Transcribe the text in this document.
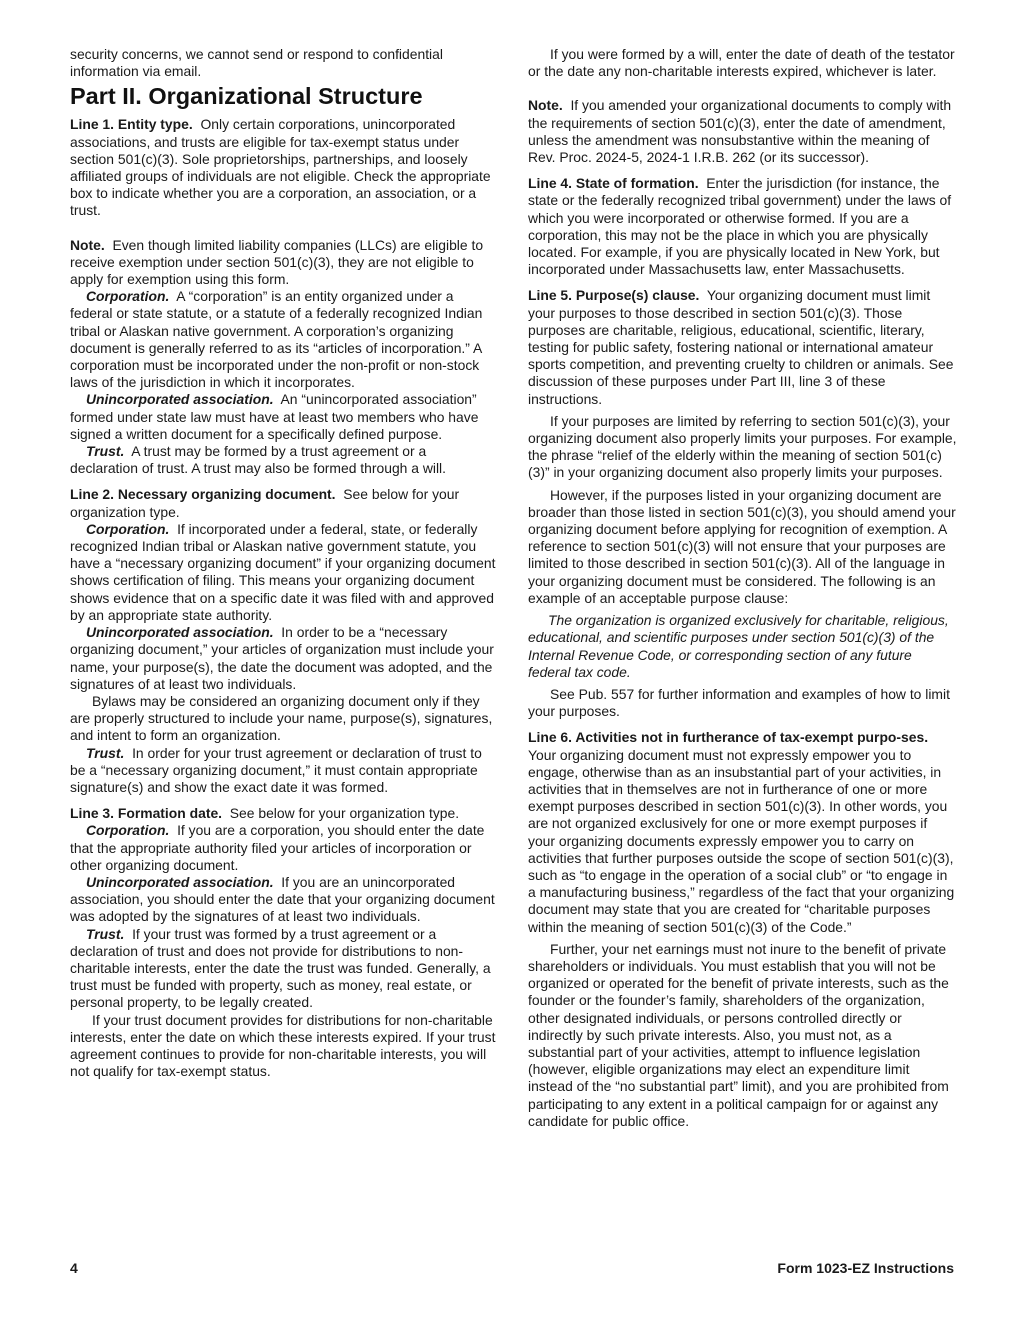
security concerns, we cannot send or respond to confidential information via email.

Part II. Organizational Structure

Line 1. Entity type. Only certain corporations, unincorporated associations, and trusts are eligible for tax-exempt status under section 501(c)(3). Sole proprietorships, partnerships, and loosely affiliated groups of individuals are not eligible. Check the appropriate box to indicate whether you are a corporation, an association, or a trust.

Note. Even though limited liability companies (LLCs) are eligible to receive exemption under section 501(c)(3), they are not eligible to apply for exemption using this form.

Corporation. A “corporation” is an entity organized under a federal or state statute, or a statute of a federally recognized Indian tribal or Alaskan native government. A corporation’s organizing document is generally referred to as its “articles of incorporation.” A corporation must be incorporated under the non-profit or non-stock laws of the jurisdiction in which it incorporates.

Unincorporated association. An “unincorporated association” formed under state law must have at least two members who have signed a written document for a specifically defined purpose.

Trust. A trust may be formed by a trust agreement or a declaration of trust. A trust may also be formed through a will.

Line 2. Necessary organizing document. See below for your organization type.

Corporation. If incorporated under a federal, state, or federally recognized Indian tribal or Alaskan native government statute, you have a “necessary organizing document” if your organizing document shows certification of filing. This means your organizing document shows evidence that on a specific date it was filed with and approved by an appropriate state authority.

Unincorporated association. In order to be a “necessary organizing document,” your articles of organization must include your name, your purpose(s), the date the document was adopted, and the signatures of at least two individuals.

Bylaws may be considered an organizing document only if they are properly structured to include your name, purpose(s), signatures, and intent to form an organization.

Trust. In order for your trust agreement or declaration of trust to be a “necessary organizing document,” it must contain appropriate signature(s) and show the exact date it was formed.

Line 3. Formation date. See below for your organization type.

Corporation. If you are a corporation, you should enter the date that the appropriate authority filed your articles of incorporation or other organizing document.

Unincorporated association. If you are an unincorporated association, you should enter the date that your organizing document was adopted by the signatures of at least two individuals.

Trust. If your trust was formed by a trust agreement or a declaration of trust and does not provide for distributions to non-charitable interests, enter the date the trust was funded. Generally, a trust must be funded with property, such as money, real estate, or personal property, to be legally created.

If your trust document provides for distributions for non-charitable interests, enter the date on which these interests expired. If your trust agreement continues to provide for non-charitable interests, you will not qualify for tax-exempt status.

If you were formed by a will, enter the date of death of the testator or the date any non-charitable interests expired, whichever is later.

Note. If you amended your organizational documents to comply with the requirements of section 501(c)(3), enter the date of amendment, unless the amendment was nonsubstantive within the meaning of Rev. Proc. 2024-5, 2024-1 I.R.B. 262 (or its successor).

Line 4. State of formation. Enter the jurisdiction (for instance, the state or the federally recognized tribal government) under the laws of which you were incorporated or otherwise formed. If you are a corporation, this may not be the place in which you are physically located. For example, if you are physically located in New York, but incorporated under Massachusetts law, enter Massachusetts.

Line 5. Purpose(s) clause. Your organizing document must limit your purposes to those described in section 501(c)(3). Those purposes are charitable, religious, educational, scientific, literary, testing for public safety, fostering national or international amateur sports competition, and preventing cruelty to children or animals. See discussion of these purposes under Part III, line 3 of these instructions.

If your purposes are limited by referring to section 501(c)(3), your organizing document also properly limits your purposes. For example, the phrase “relief of the elderly within the meaning of section 501(c)(3)” in your organizing document also properly limits your purposes.

However, if the purposes listed in your organizing document are broader than those listed in section 501(c)(3), you should amend your organizing document before applying for recognition of exemption. A reference to section 501(c)(3) will not ensure that your purposes are limited to those described in section 501(c)(3). All of the language in your organizing document must be considered. The following is an example of an acceptable purpose clause:

The organization is organized exclusively for charitable, religious, educational, and scientific purposes under section 501(c)(3) of the Internal Revenue Code, or corresponding section of any future federal tax code.

See Pub. 557 for further information and examples of how to limit your purposes.

Line 6. Activities not in furtherance of tax-exempt purpo-ses.  Your organizing document must not expressly empower you to engage, otherwise than as an insubstantial part of your activities, in activities that in themselves are not in furtherance of one or more exempt purposes described in section 501(c)(3). In other words, you are not organized exclusively for one or more exempt purposes if your organizing documents expressly empower you to carry on activities that further purposes outside the scope of section 501(c)(3), such as “to engage in the operation of a social club” or “to engage in a manufacturing business,” regardless of the fact that your organizing document may state that you are created for “charitable purposes within the meaning of section 501(c)(3) of the Code.”

Further, your net earnings must not inure to the benefit of private shareholders or individuals. You must establish that you will not be organized or operated for the benefit of private interests, such as the founder or the founder’s family, shareholders of the organization, other designated individuals, or persons controlled directly or indirectly by such private interests. Also, you must not, as a substantial part of your activities, attempt to influence legislation (however, eligible organizations may elect an expenditure limit instead of the “no substantial part” limit), and you are prohibited from participating to any extent in a political campaign for or against any candidate for public office.

4	Form 1023-EZ Instructions
